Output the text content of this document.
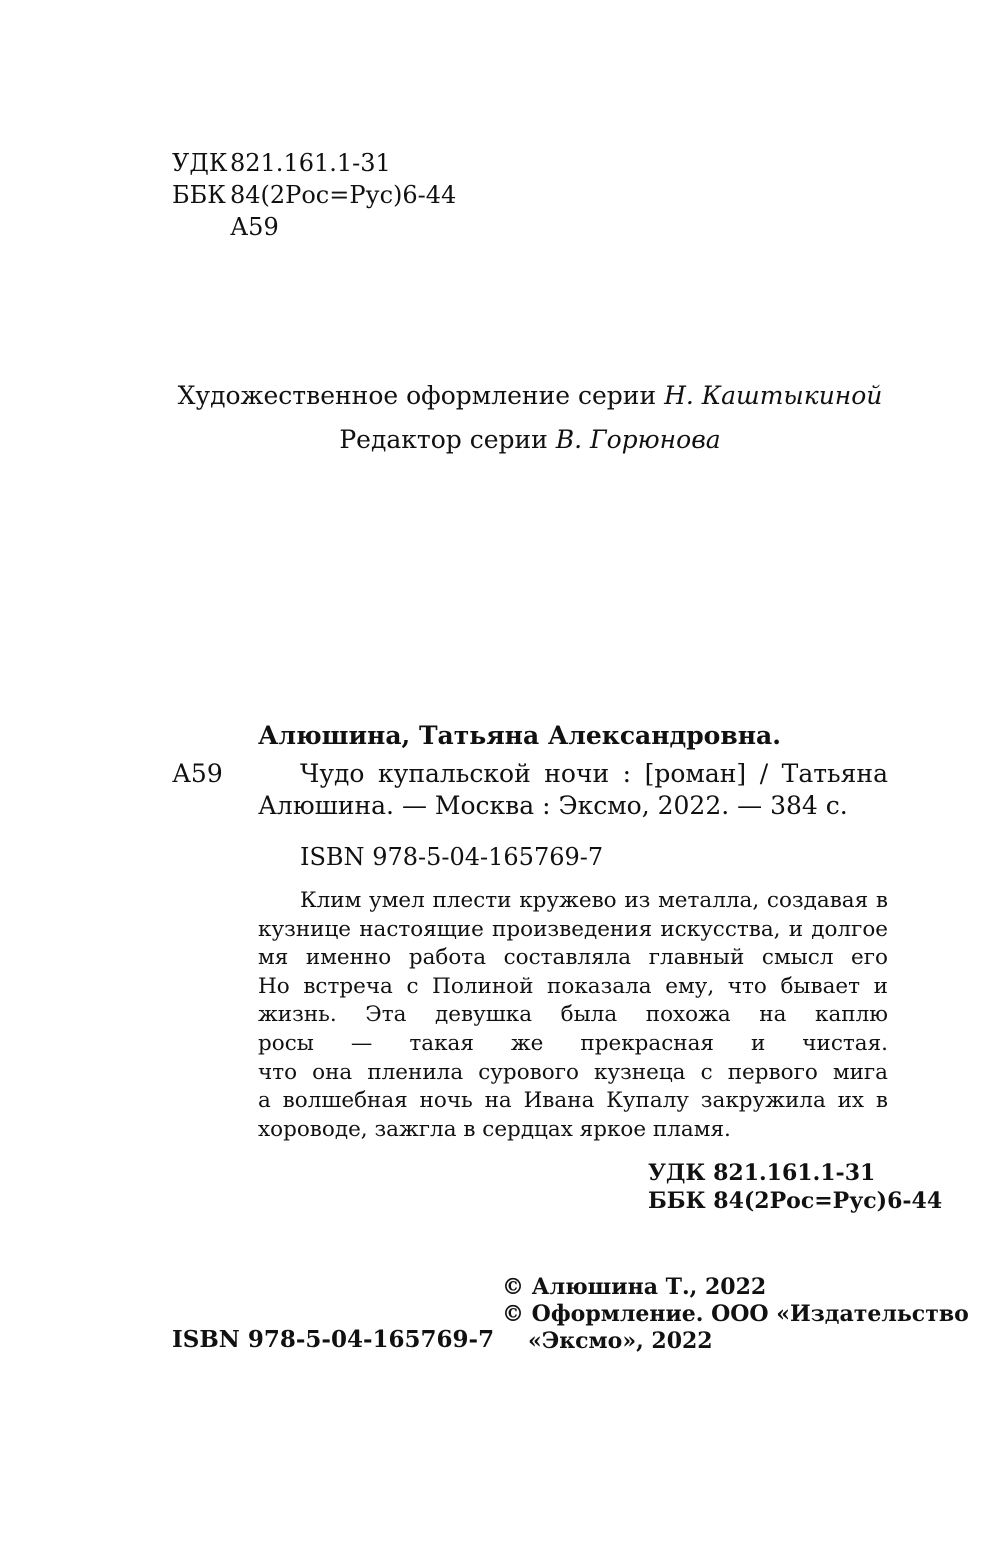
УДК 821.161.1-31
ББК 84(2Рос=Рус)6-44
А59
Художественное оформление серии Н. Каштыкиной
Редактор серии В. Горюнова
Алюшина, Татьяна Александровна.
А59	Чудо купальской ночи : [роман] / Татьяна
Алюшина. — Москва : Эксмо, 2022. — 384 с.
ISBN 978-5-04-165769-7
Клим умел плести кружево из металла, создавая в
кузнице настоящие произведения искусства, и долгое
мя именно работа составляла главный смысл его
Но встреча с Полиной показала ему, что бывает и
жизнь. Эта девушка была похожа на каплю
росы — такая же прекрасная и чистая.
что она пленила сурового кузнеца с первого мига
а волшебная ночь на Ивана Купалу закружила их в
хороводе, зажгла в сердцах яркое пламя.
УДК 821.161.1-31
ББК 84(2Рос=Рус)6-44
© Алюшина Т., 2022
© Оформление. ООО «Издательство
«Эксмо», 2022
ISBN 978-5-04-165769-7
